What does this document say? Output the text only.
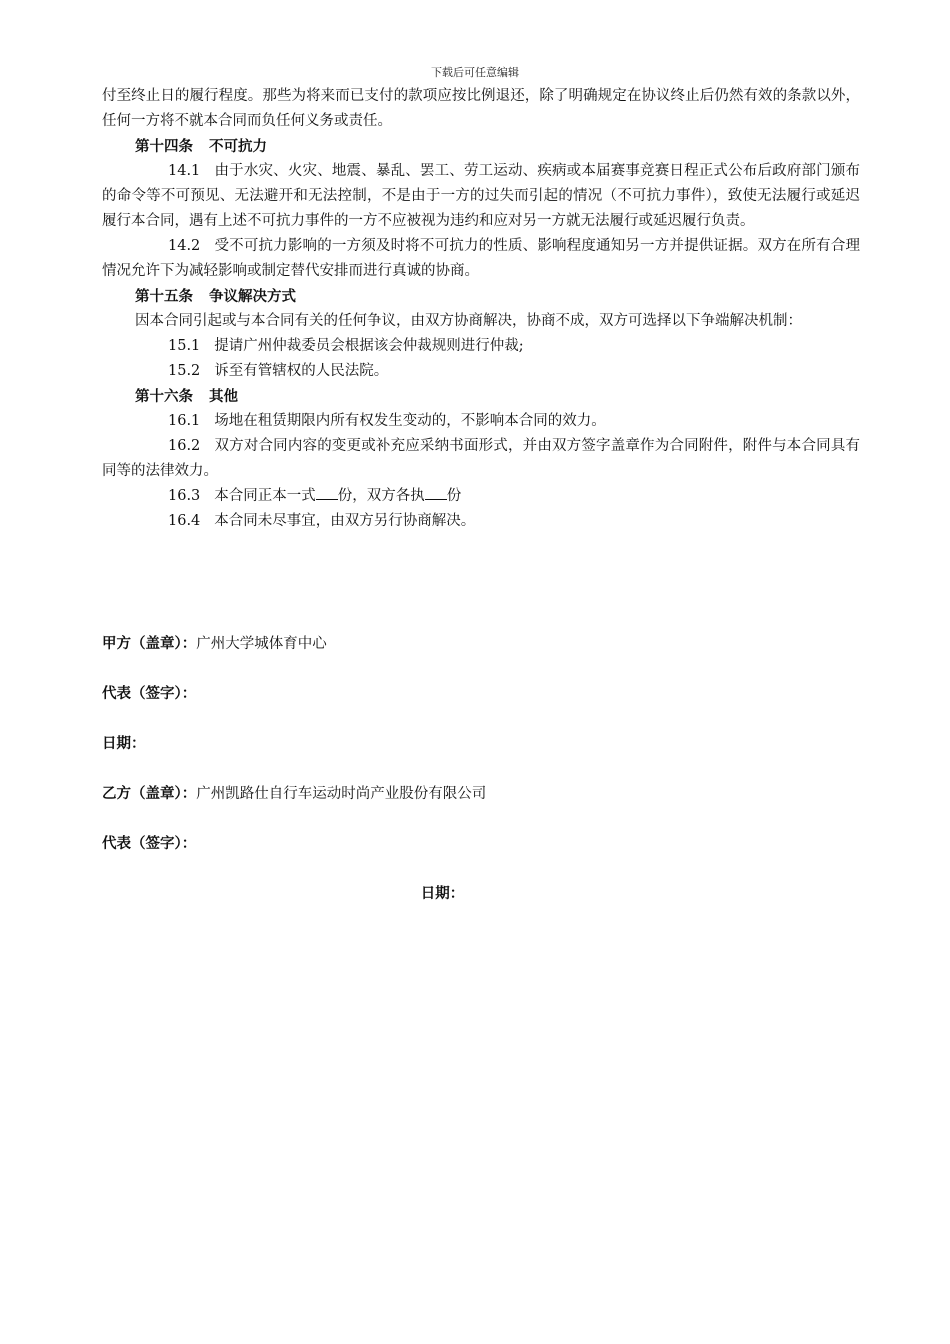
下载后可任意编辑

付至终止日的履行程度。那些为将来而已支付的款项应按比例退还，除了明确规定在协议终止后仍然有效的条款以外，任何一方将不就本合同而负任何义务或责任。

第十四条 不可抗力

14.1 由于水灾、火灾、地震、暴乱、罢工、劳工运动、疾病或本届赛事竞赛日程正式公布后政府部门颁布的命令等不可预见、无法避开和无法控制，不是由于一方的过失而引起的情况（不可抗力事件），致使无法履行或延迟履行本合同，遇有上述不可抗力事件的一方不应被视为违约和应对另一方就无法履行或延迟履行负责。

14.2 受不可抗力影响的一方须及时将不可抗力的性质、影响程度通知另一方并提供证据。双方在所有合理情况允许下为减轻影响或制定替代安排而进行真诚的协商。

第十五条 争议解决方式

因本合同引起或与本合同有关的任何争议，由双方协商解决，协商不成，双方可选择以下争端解决机制：

15.1 提请广州仲裁委员会根据该会仲裁规则进行仲裁;

15.2 诉至有管辖权的人民法院。

第十六条 其他

16.1 场地在租赁期限内所有权发生变动的，不影响本合同的效力。

16.2 双方对合同内容的变更或补充应采纳书面形式，并由双方签字盖章作为合同附件，附件与本合同具有同等的法律效力。

16.3 本合同正本一式 份，双方各执 份

16.4 本合同未尽事宜，由双方另行协商解决。

甲方（盖章）：广州大学城体育中心
代表（签字）：
日期：
乙方（盖章）：广州凯路仕自行车运动时尚产业股份有限公司
代表（签字）：
日期：
